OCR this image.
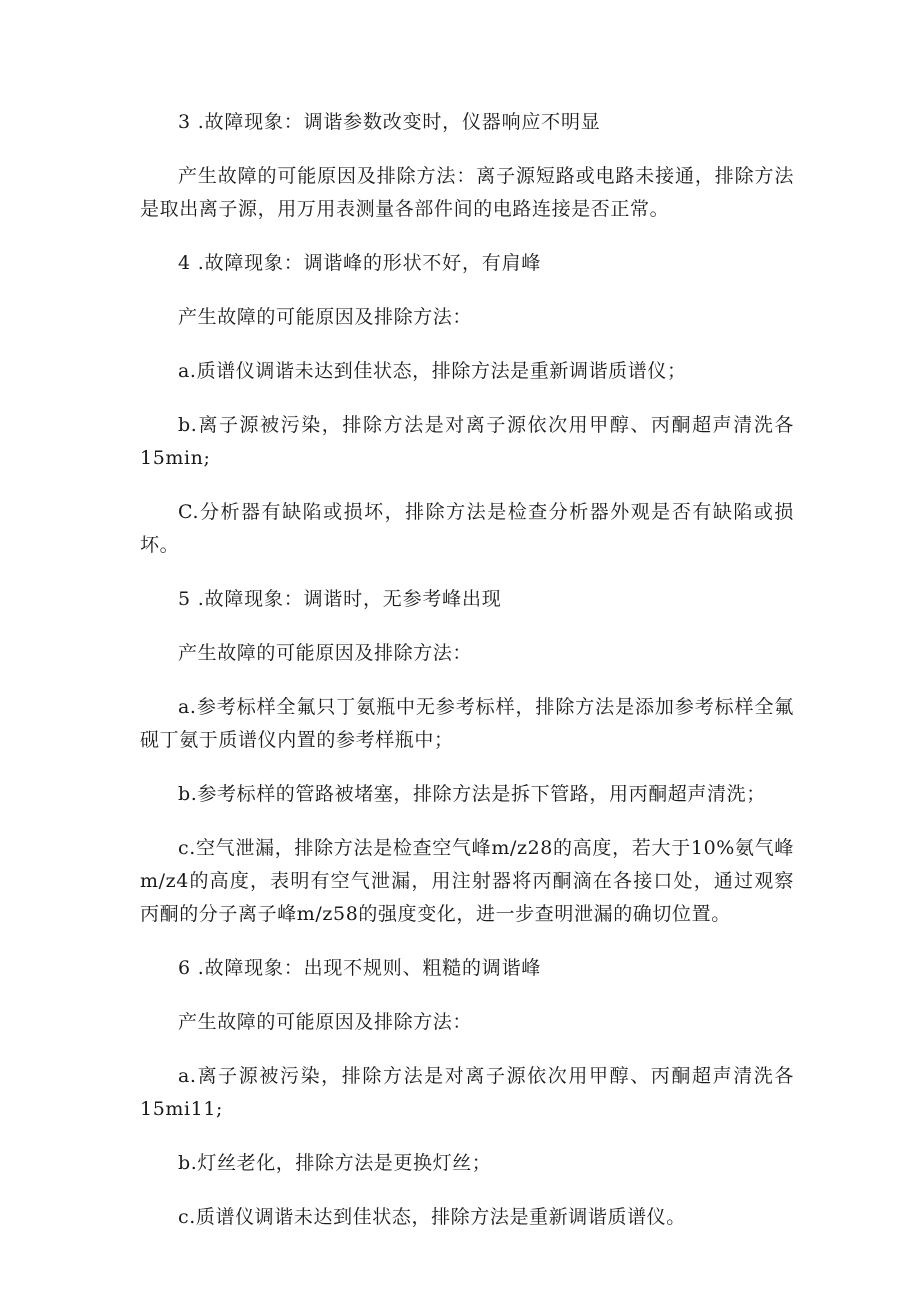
3 .故障现象：调谐参数改变时，仪器响应不明显

产生故障的可能原因及排除方法：离子源短路或电路未接通，排除方法是取出离子源，用万用表测量各部件间的电路连接是否正常。

4 .故障现象：调谐峰的形状不好，有肩峰

产生故障的可能原因及排除方法：

a.质谱仪调谐未达到佳状态，排除方法是重新调谐质谱仪；

b.离子源被污染，排除方法是对离子源依次用甲醇、丙酮超声清洗各15min;

C.分析器有缺陷或损坏，排除方法是检查分析器外观是否有缺陷或损坏。

5 .故障现象：调谐时，无参考峰出现

产生故障的可能原因及排除方法：

a.参考标样全氟只丁氨瓶中无参考标样，排除方法是添加参考标样全氟砚丁氨于质谱仪内置的参考样瓶中；

b.参考标样的管路被堵塞，排除方法是拆下管路，用丙酮超声清洗；

c.空气泄漏，排除方法是检查空气峰m/z28的高度，若大于10%氨气峰m/z4的高度，表明有空气泄漏，用注射器将丙酮滴在各接口处，通过观察丙酮的分子离子峰m/z58的强度变化，进一步查明泄漏的确切位置。

6 .故障现象：出现不规则、粗糙的调谐峰

产生故障的可能原因及排除方法：

a.离子源被污染，排除方法是对离子源依次用甲醇、丙酮超声清洗各15mi11;

b.灯丝老化，排除方法是更换灯丝；

c.质谱仪调谐未达到佳状态，排除方法是重新调谐质谱仪。
